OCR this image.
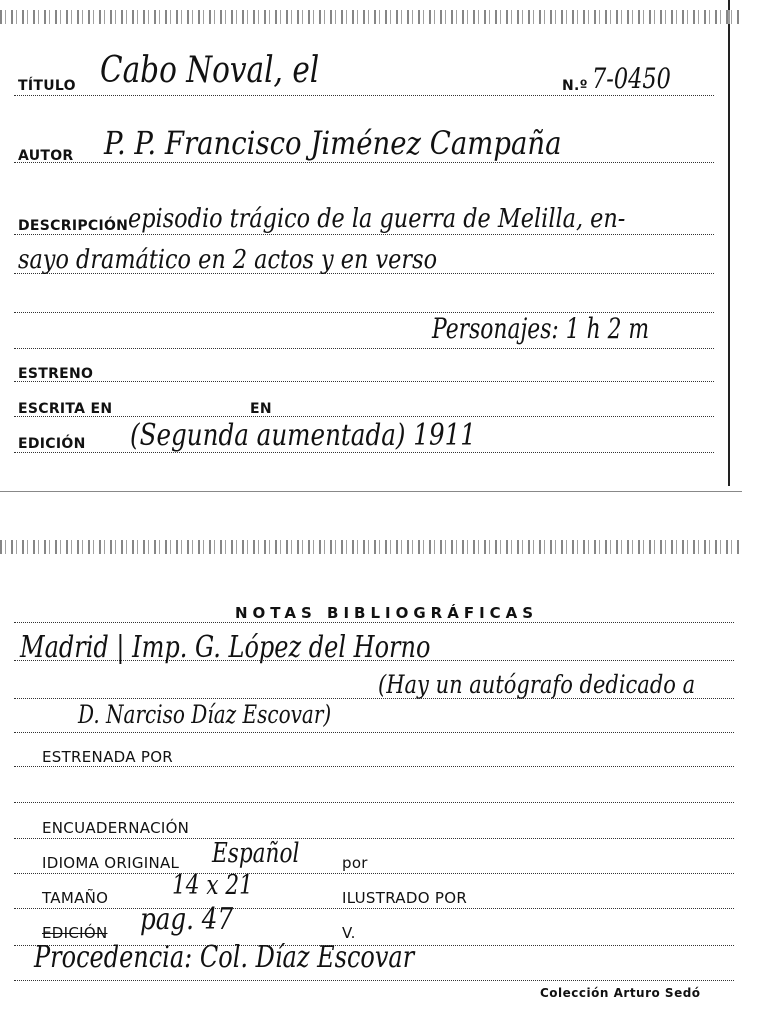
TÍTULO Cabo Noval, el	N.º 7-0450
AUTOR P. P. Francisco Jiménez Campaña
DESCRIPCIÓN episodio trágico de la guerra de Melilla, en-
sayo dramático en 2 actos y en verso
Personajes: 1 h 2 m
ESTRENO
ESCRITA EN	EN
EDICIÓN (Segunda aumentada) 1911
NOTAS BIBLIOGRÁFICAS
Madrid | Imp. G. López del Horno
(Hay un autógrafo dedicado a
D. Narciso Díaz Escovar)
ESTRENADA POR
ENCUADERNACIÓN
IDIOMA ORIGINAL Español	por
TAMAÑO 14 x 21	ILUSTRADO POR
EDICIÓN pag. 47	V.
Procedencia: Col. Díaz Escovar
Colección Arturo Sedó
